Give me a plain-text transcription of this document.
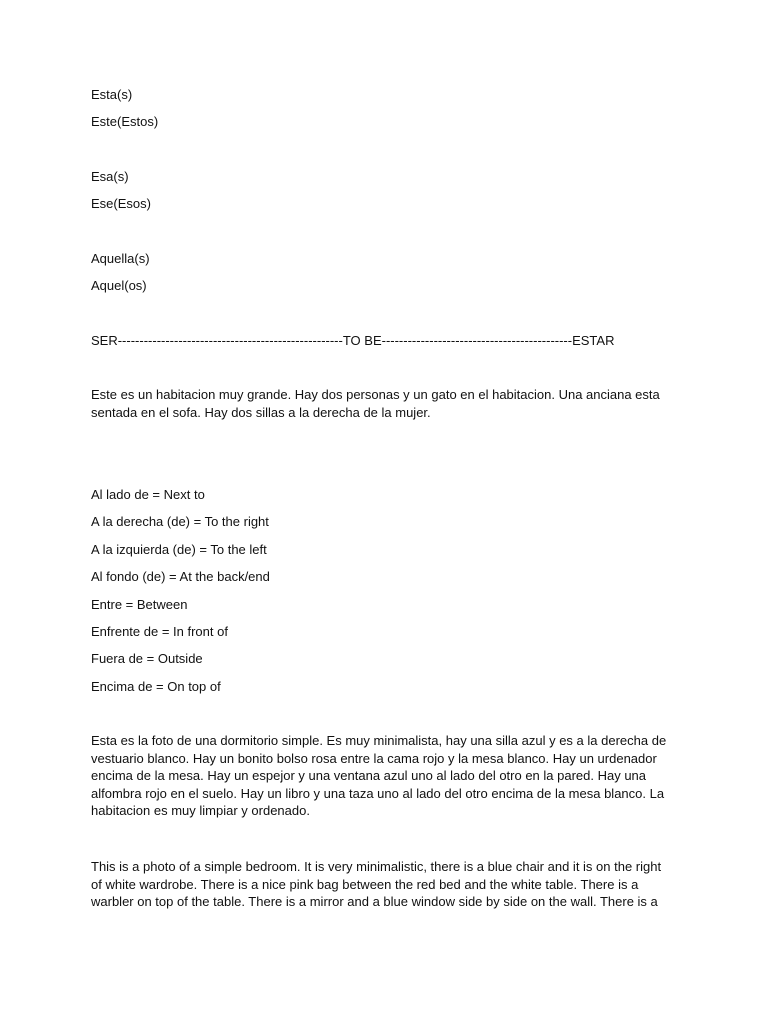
Esta(s)
Este(Estos)
Esa(s)
Ese(Esos)
Aquella(s)
Aquel(os)
SER----------------------------------------------------TO BE--------------------------------------------ESTAR
Este es un habitacion muy grande. Hay dos personas y un gato en el habitacion. Una anciana esta sentada en el sofa. Hay dos sillas a la derecha de la mujer.
Al lado de = Next to
A la derecha (de) = To the right
A la izquierda (de) = To the left
Al fondo (de) = At the back/end
Entre = Between
Enfrente de = In front of
Fuera de = Outside
Encima de = On top of
Esta es la foto de una dormitorio simple. Es muy minimalista, hay una silla azul y es a la derecha de vestuario blanco. Hay un bonito bolso rosa entre la cama rojo y la mesa blanco. Hay un urdenador encima de la mesa. Hay un espejor y una ventana azul uno al lado del otro en la pared. Hay una alfombra rojo en el suelo. Hay un libro y una taza uno al lado del otro encima de la mesa blanco. La habitacion es muy limpiar y ordenado.
This is a photo of a simple bedroom. It is very minimalistic, there is a blue chair and it is on the right of white wardrobe. There is a nice pink bag between the red bed and the white table. There is a warbler on top of the table. There is a mirror and a blue window side by side on the wall. There is a
